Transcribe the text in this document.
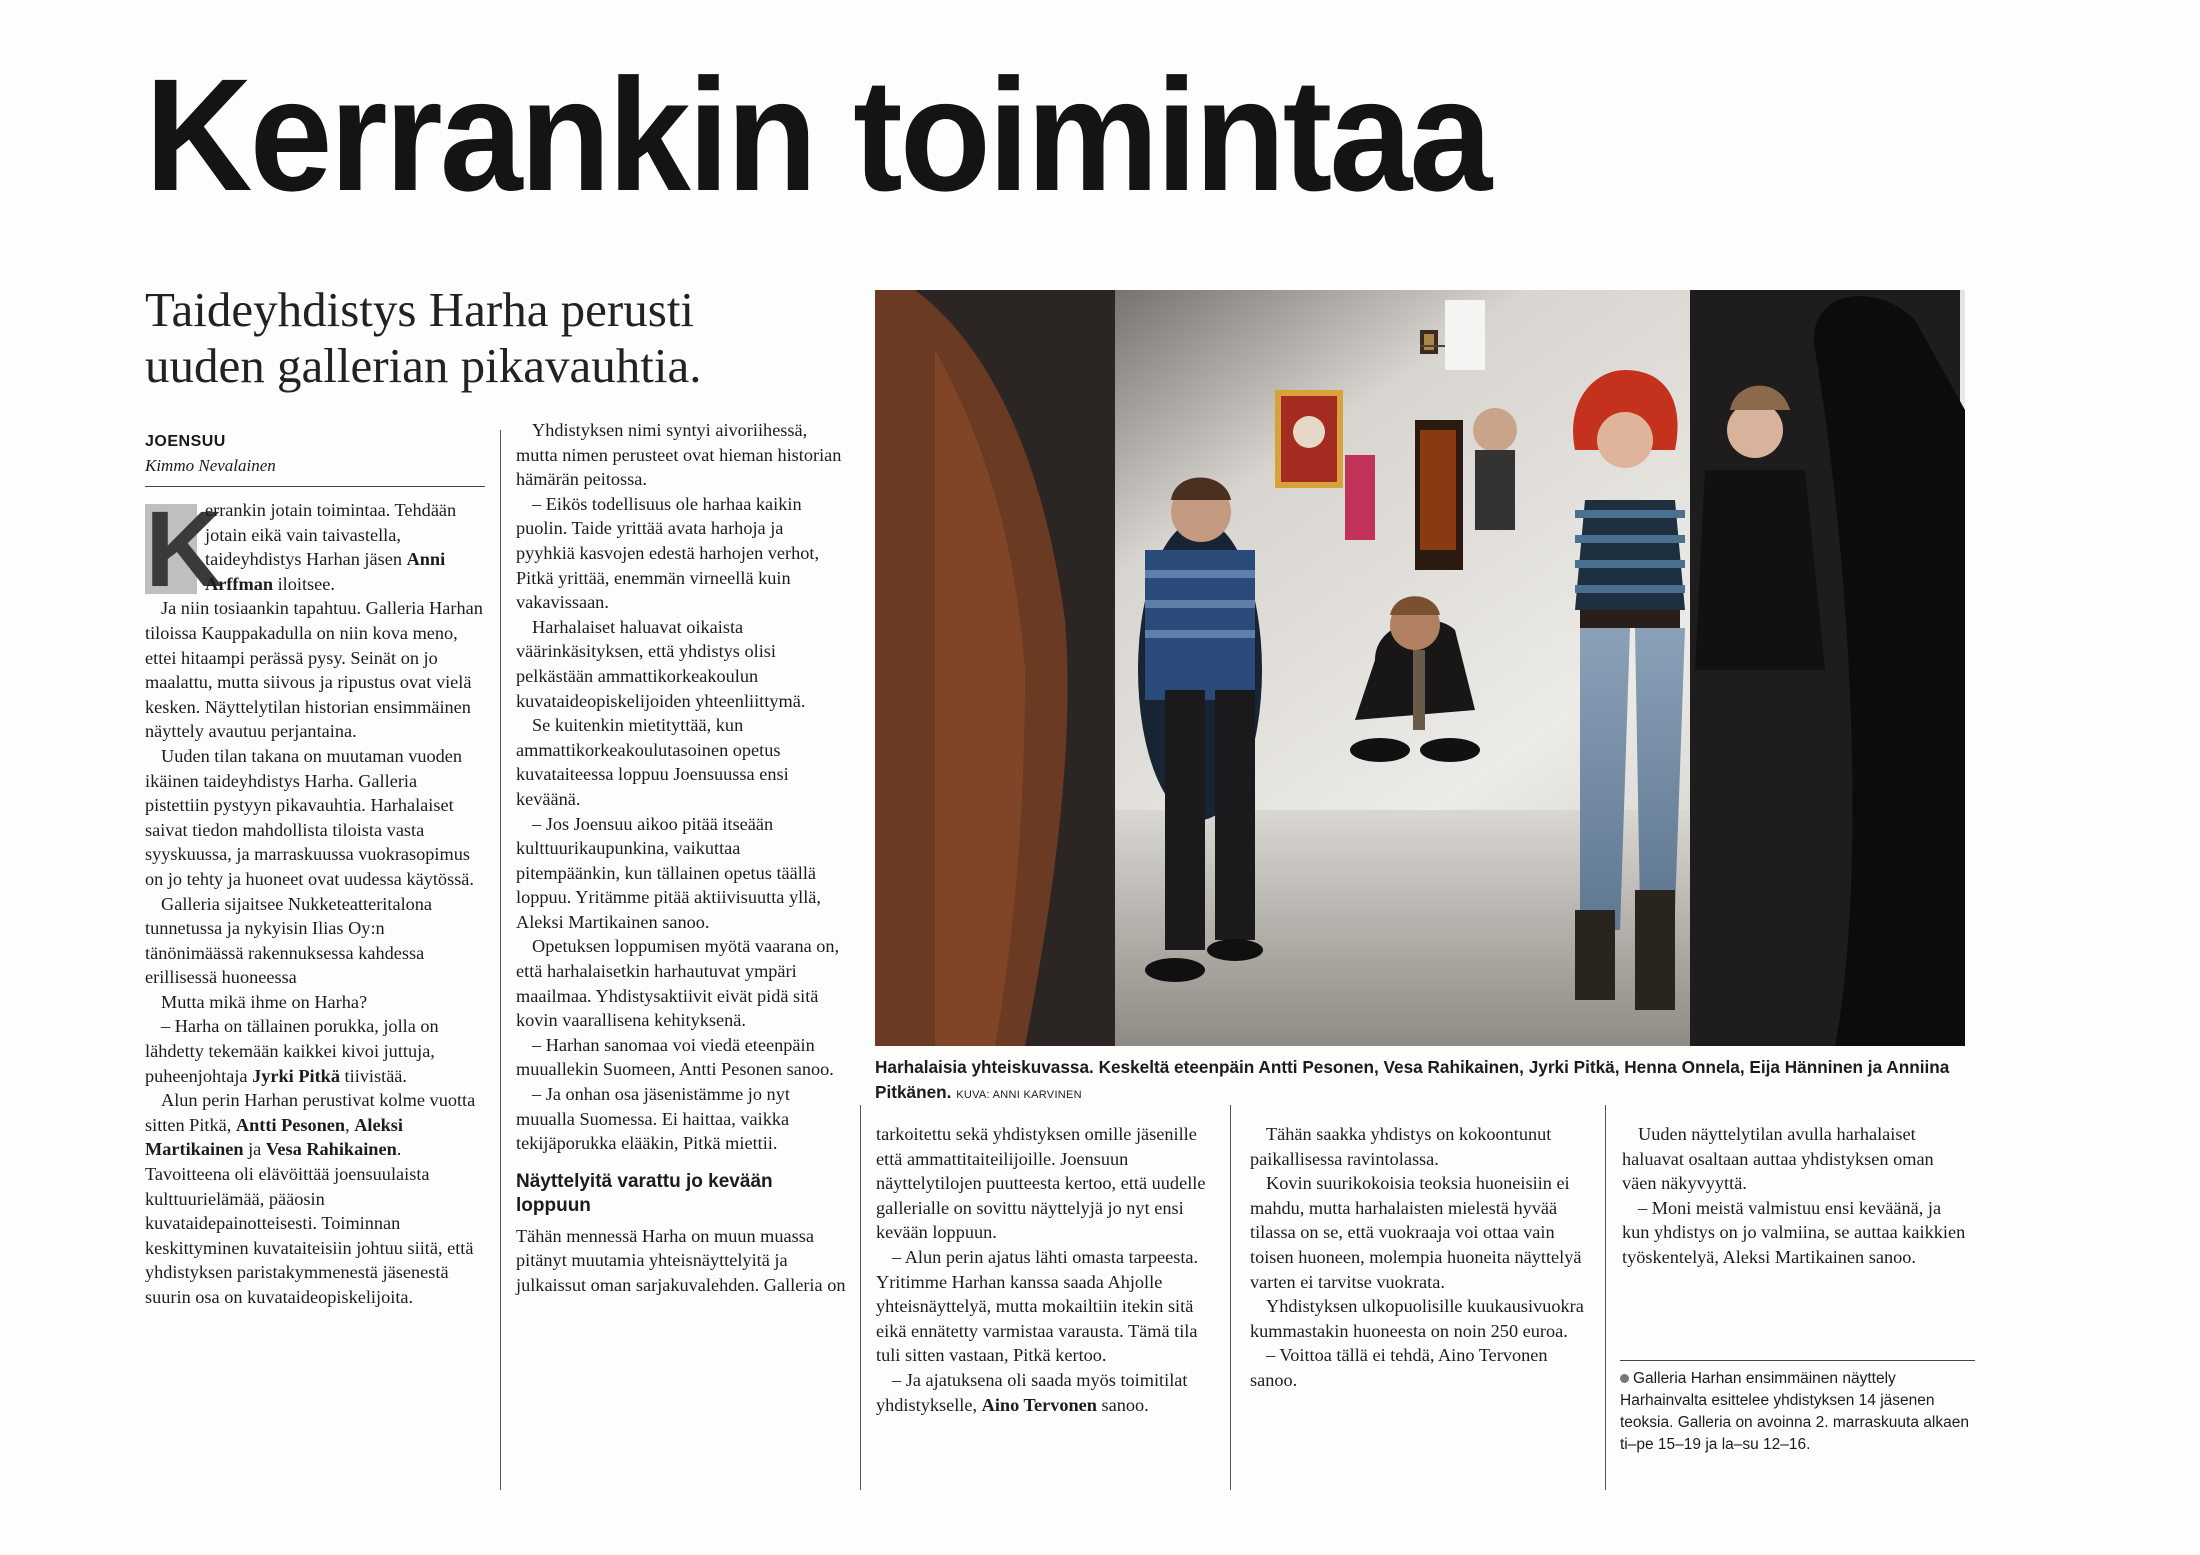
Kerrankin toimintaa
Taideyhdistys Harha perusti uuden gallerian pikavauhtia.
JOENSUU
Kimmo Nevalainen

K
errankin jotain toimintaa. Tehdään jotain eikä vain taivastella, taideyhdistys Harhan jäsen Anni Arffman iloitsee.

Ja niin tosiaankin tapahtuu. Galleria Harhan tiloissa Kauppakadulla on niin kova meno, ettei hitaampi perässä pysy. Seinät on jo maalattu, mutta siivous ja ripustus ovat vielä kesken. Näyttelytilan historian ensimmäinen näyttely avautuu perjantaina.

Uuden tilan takana on muutaman vuoden ikäinen taideyhdistys Harha. Galleria pistettiin pystyyn pikavauhtia. Harhalaiset saivat tiedon mahdollista tiloista vasta syyskuussa, ja marraskuussa vuokrasopimus on jo tehty ja huoneet ovat uudessa käytössä.

Galleria sijaitsee Nukketeatteritalona tunnetussa ja nykyisin Ilias Oy:n tänönimäässä rakennuksessa kahdessa erillisessä huoneessa

Mutta mikä ihme on Harha?

– Harha on tällainen porukka, jolla on lähdetty tekemään kaikkei kivoi juttuja, puheenjohtaja Jyrki Pitkä tiivistää.

Alun perin Harhan perustivat kolme vuotta sitten Pitkä, Antti Pesonen, Aleksi Martikainen ja Vesa Rahikainen. Tavoitteena oli elävöittää joensuulaista kulttuurielämää, pääosin kuvataidepainotteisesti. Toiminnan keskittyminen kuvataiteisiin johtuu siitä, että yhdistyksen paristakymmenestä jäsenestä suurin osa on kuvataideopiskelijoita.

Yhdistyksen nimi syntyi aivoriihessä, mutta nimen perusteet ovat hieman historian hämärän peitossa.

– Eikös todellisuus ole harhaa kaikin puolin. Taide yrittää avata harhoja ja pyyhkiä kasvojen edestä harhojen verhot, Pitkä yrittää, enemmän virneellä kuin vakavissaan.

Harhalaiset haluavat oikaista väärinkäsityksen, että yhdistys olisi pelkästään ammattikorkeakoulun kuvataideopiskelijoiden yhteenliittymä.

Se kuitenkin mietityttää, kun ammattikorkeakoulutasoinen opetus kuvataiteessa loppuu Joensuussa ensi keväänä.

– Jos Joensuu aikoo pitää itseään kulttuurikaupunkina, vaikuttaa pitempäänkin, kun tällainen opetus täällä loppuu. Yritämme pitää aktiivisuutta yllä, Aleksi Martikainen sanoo.

Opetuksen loppumisen myötä vaarana on, että harhalaisetkin harhautuvat ympäri maailmaa. Yhdistysaktiivit eivät pidä sitä kovin vaarallisena kehityksenä.

– Harhan sanomaa voi viedä eteenpäin muuallekin Suomeen, Antti Pesonen sanoo.

– Ja onhan osa jäsenistämme jo nyt muualla Suomessa. Ei haittaa, vaikka tekijäporukka elääkin, Pitkä miettii.

Näyttelyitä varattu jo kevään loppuun

Tähän mennessä Harha on muun muassa pitänyt muutamia yhteisnäyttelyitä ja julkaissut oman sarjakuvalehden. Galleria on

Harhalaisia yhteiskuvassa. Keskeltä eteenpäin Antti Pesonen, Vesa Rahikainen, Jyrki Pitkä, Henna Onnela, Eija Hänninen ja Anniina Pitkänen. KUVA: ANNI KARVINEN

tarkoitettu sekä yhdistyksen omille jäsenille että ammattitaiteilijoille. Joensuun näyttelytilojen puutteesta kertoo, että uudelle gallerialle on sovittu näyttelyjä jo nyt ensi kevään loppuun.

– Alun perin ajatus lähti omasta tarpeesta. Yritimme Harhan kanssa saada Ahjolle yhteisnäyttelyä, mutta mokailtiin itekin sitä eikä ennätetty varmistaa varausta. Tämä tila tuli sitten vastaan, Pitkä kertoo.

– Ja ajatuksena oli saada myös toimitilat yhdistykselle, Aino Tervonen sanoo.

Tähän saakka yhdistys on kokoontunut paikallisessa ravintolassa.

Kovin suurikokoisia teoksia huoneisiin ei mahdu, mutta harhalaisten mielestä hyvää tilassa on se, että vuokraaja voi ottaa vain toisen huoneen, molempia huoneita näyttelyä varten ei tarvitse vuokrata.

Yhdistyksen ulkopuolisille kuukausivuokra kummastakin huoneesta on noin 250 euroa.

– Voittoa tällä ei tehdä, Aino Tervonen sanoo.

Uuden näyttelytilan avulla harhalaiset haluavat osaltaan auttaa yhdistyksen oman väen näkyvyyttä.

– Moni meistä valmistuu ensi keväänä, ja kun yhdistys on jo valmiina, se auttaa kaikkien työskentelyä, Aleksi Martikainen sanoo.

Galleria Harhan ensimmäinen näyttely Harhainvalta esittelee yhdistyksen 14 jäsenen teoksia. Galleria on avoinna 2. marraskuuta alkaen ti–pe 15–19 ja la–su 12–16.
